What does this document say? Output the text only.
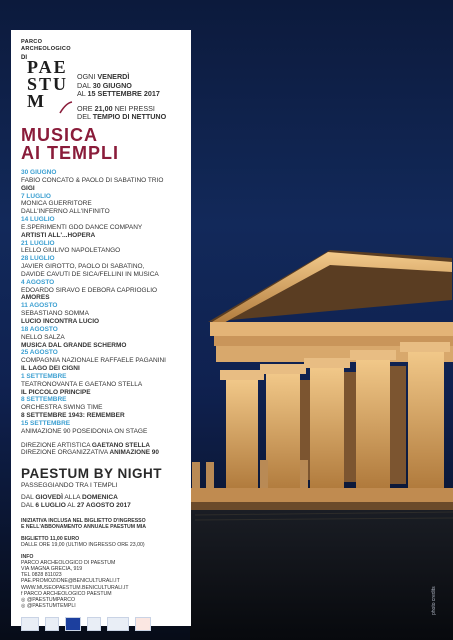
photo credits
PARCO
ARCHEOLOGICO
DI PAE
STU
M
OGNI VENERDÌ
DAL 30 GIUGNO
AL 15 SETTEMBRE 2017
ORE 21,00 NEI PRESSI
DEL TEMPIO DI NETTUNO
MUSICA
AI TEMPLI
30 GIUGNO
FABIO CONCATO & PAOLO DI SABATINO TRIO
GIGI
7 LUGLIO
MONICA GUERRITORE
DALL'INFERNO ALL'INFINITO
14 LUGLIO
E.SPERIMENTI GDO DANCE COMPANY
ARTISTI ALL'...HOPERA
21 LUGLIO
LELLO GIULIVO NAPOLETANGO
28 LUGLIO
JAVIER GIROTTO, PAOLO DI SABATINO,
DAVIDE CAVUTI DE SICA/FELLINI IN MUSICA
4 AGOSTO
EDOARDO SIRAVO E DEBORA CAPRIOGLIO
AMORES
11 AGOSTO
SEBASTIANO SOMMA
LUCIO INCONTRA LUCIO
18 AGOSTO
NELLO SALZA
MUSICA DAL GRANDE SCHERMO
25 AGOSTO
COMPAGNIA NAZIONALE RAFFAELE PAGANINI
IL LAGO DEI CIGNI
1 SETTEMBRE
TEATRONOVANTA E GAETANO STELLA
IL PICCOLO PRINCIPE
8 SETTEMBRE
ORCHESTRA SWING TIME
8 SETTEMBRE 1943: REMEMBER
15 SETTEMBRE
ANIMAZIONE 90 POSEIDONIA ON STAGE
DIREZIONE ARTISTICA GAETANO STELLA
DIREZIONE ORGANIZZATIVA ANIMAZIONE 90
PAESTUM BY NIGHT
PASSEGGIANDO TRA I TEMPLI
DAL GIOVEDÌ ALLA DOMENICA
DAL 6 LUGLIO AL 27 AGOSTO 2017
INIZIATIVA INCLUSA NEL BIGLIETTO D'INGRESSO
E NELL'ABBONAMENTO ANNUALE PAESTUM MIA
BIGLIETTO 11,00 EURO
DALLE ORE 19,00 (ULTIMO INGRESSO ORE 23,00)
INFO
PARCO ARCHEOLOGICO DI PAESTUM
VIA MAGNA GRECIA, 919
TEL 0828 811023
PAE.PROMOZIONE@BENICULTURALI.IT
WWW.MUSEOPAESTUM.BENICULTURALI.IT
f PARCO ARCHEOLOGICO PAESTUM
◎ @PAESTUMPARCO
◎ @PAESTUMTEMPLI
